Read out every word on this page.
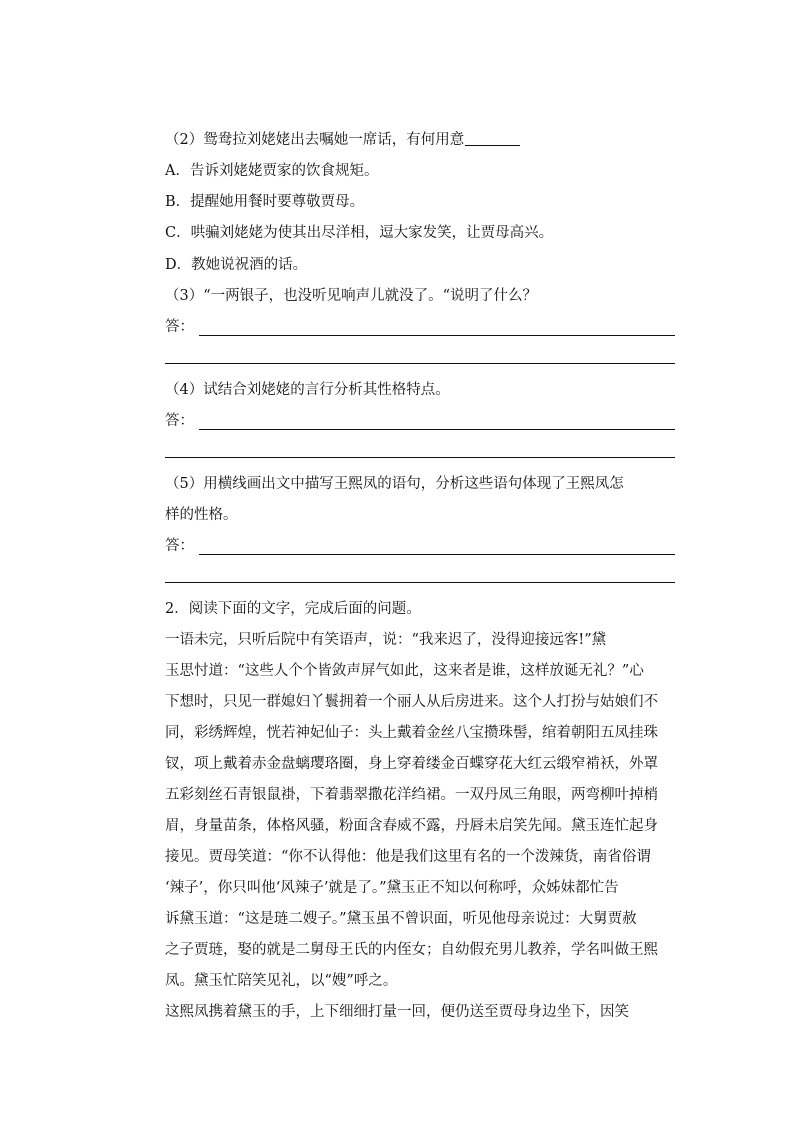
（2）鸳鸯拉刘姥姥出去嘱她一席话，有何用意
A．告诉刘姥姥贾家的饮食规矩。
B．提醒她用餐时要尊敬贾母。
C．哄骗刘姥姥为使其出尽洋相，逗大家发笑，让贾母高兴。
D．教她说祝酒的话。
（3）“一两银子，也没听见响声儿就没了。“说明了什么？
答：
（4）试结合刘姥姥的言行分析其性格特点。
答：
（5）用横线画出文中描写王熙凤的语句，分析这些语句体现了王熙凤怎
样的性格。
答：
2．阅读下面的文字，完成后面的问题。
一语未完，只听后院中有笑语声，说：“我来迟了，没得迎接远客!”黛
玉思忖道：“这些人个个皆敛声屏气如此，这来者是谁，这样放诞无礼？”心
下想时，只见一群媳妇丫鬟拥着一个丽人从后房进来。这个人打扮与姑娘们不
同，彩绣辉煌，恍若神妃仙子：头上戴着金丝八宝攒珠髻，绾着朝阳五凤挂珠
钗，项上戴着赤金盘螭璎珞圈，身上穿着缕金百蝶穿花大红云缎窄褃袄，外罩
五彩刻丝石青银鼠褂，下着翡翠撒花洋绉裙。一双丹凤三角眼，两弯柳叶掉梢
眉，身量苗条，体格风骚，粉面含春威不露，丹唇未启笑先闻。黛玉连忙起身
接见。贾母笑道：“你不认得他：他是我们这里有名的一个泼辣货，南省俗谓
‘辣子’，你只叫他‘风辣子’就是了。”黛玉正不知以何称呼，众姊妹都忙告
诉黛玉道：“这是琏二嫂子。”黛玉虽不曾识面，听见他母亲说过：大舅贾赦
之子贾琏，娶的就是二舅母王氏的内侄女；自幼假充男儿教养，学名叫做王熙
凤。黛玉忙陪笑见礼，以“嫂”呼之。
这熙凤携着黛玉的手，上下细细打量一回，便仍送至贾母身边坐下，因笑
